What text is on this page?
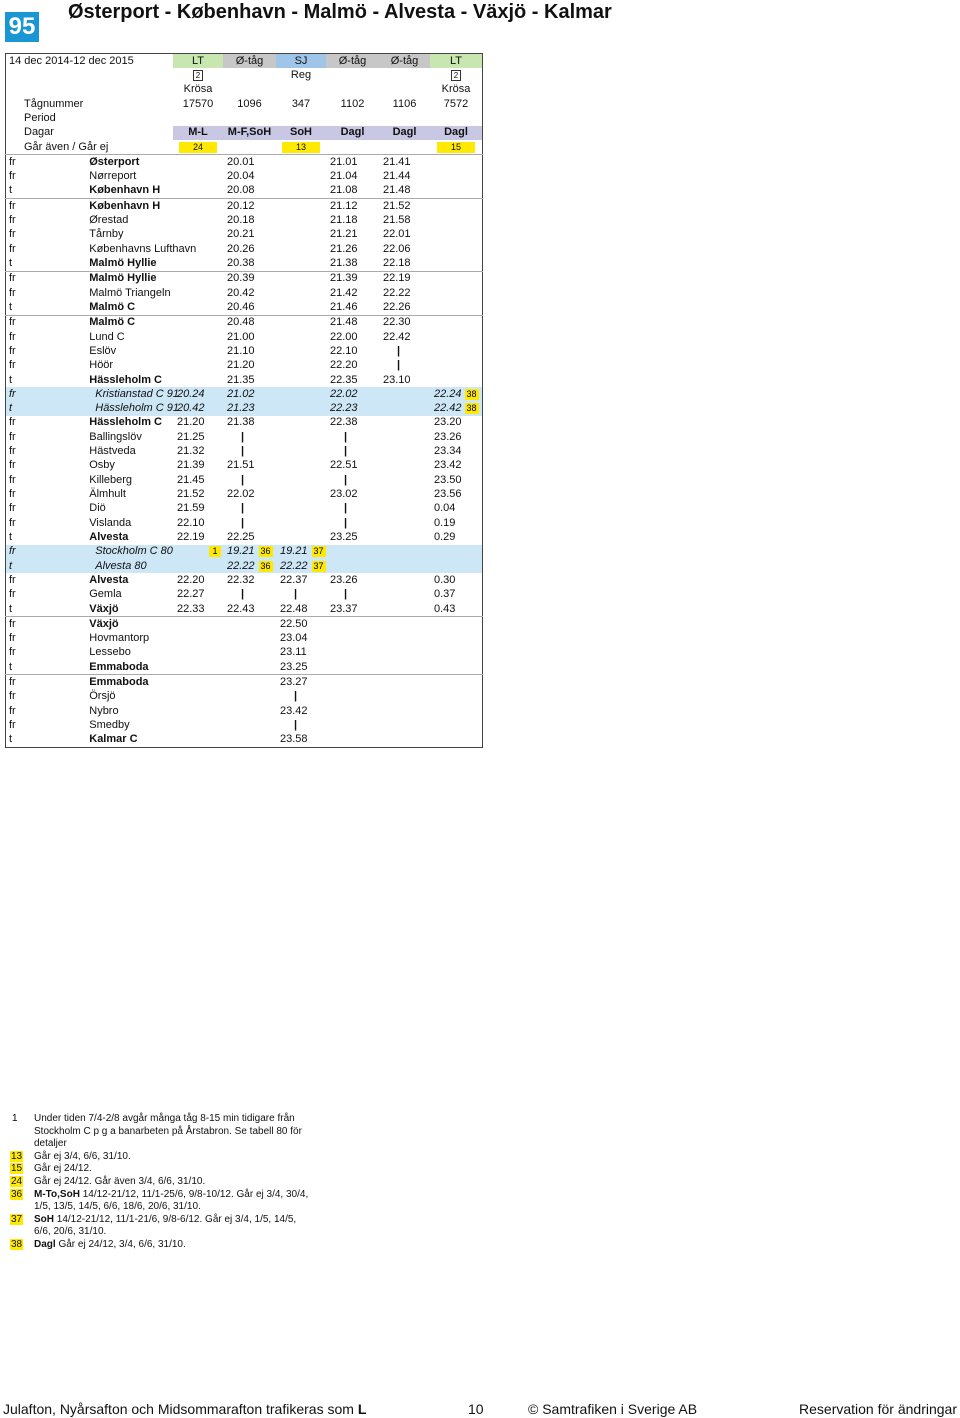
95
Østerport - København - Malmö - Alvesta - Växjö - Kalmar
14 dec 2014-12 dec 2015		LT	Ø-tåg	SJ	Ø-tåg	Ø-tåg	LT
		2		Reg			2
		Krösa					Krösa
Tågnummer		17570	1096	347	1102	1106	7572
Period							
Dagar		M-L	M-F,SoH	SoH	Dagl	Dagl	Dagl
Går även / Går ej		24		13			15
fr	Østerport		20.01		21.01	21.41	
fr	Nørreport		20.04		21.04	21.44	
t	København H		20.08		21.08	21.48	
fr	København H		20.12		21.12	21.52	
fr	Ørestad		20.18		21.18	21.58	
fr	Tårnby		20.21		21.21	22.01	
fr	Københavns Lufthavn		20.26		21.26	22.06	
t	Malmö Hyllie		20.38		21.38	22.18	
fr	Malmö Hyllie		20.39		21.39	22.19	
fr	Malmö Triangeln		20.42		21.42	22.22	
t	Malmö C		20.46		21.46	22.26	
fr	Malmö C		20.48		21.48	22.30	
fr	Lund C		21.00		22.00	22.42	
fr	Eslöv		21.10		22.10	|	
fr	Höör		21.20		22.20	|	
t	Hässleholm C		21.35		22.35	23.10	
fr	Kristianstad C 91	20.24	21.02		22.02		22.24 38
t	Hässleholm C 91	20.42	21.23		22.23		22.42 38
fr	Hässleholm C	21.20	21.38		22.38		23.20
fr	Ballingslöv	21.25	|		|		23.26
fr	Hästveda	21.32	|		|		23.34
fr	Osby	21.39	21.51		22.51		23.42
fr	Killeberg	21.45	|		|		23.50
fr	Älmhult	21.52	22.02		23.02		23.56
fr	Diö	21.59	|		|		0.04
fr	Vislanda	22.10	|		|		0.19
t	Alvesta	22.19	22.25		23.25		0.29
fr	Stockholm C 80	1	19.21 36	19.21 37			
t	Alvesta 80		22.22 36	22.22 37			
fr	Alvesta	22.20	22.32	22.37	23.26		0.30
fr	Gemla	22.27	|	|	|		0.37
t	Växjö	22.33	22.43	22.48	23.37		0.43
fr	Växjö			22.50			
fr	Hovmantorp			23.04			
fr	Lessebo			23.11			
t	Emmaboda			23.25			
fr	Emmaboda			23.27			
fr	Örsjö			|			
fr	Nybro			23.42			
fr	Smedby			|			
t	Kalmar C			23.58			
1	Under tiden 7/4-2/8 avgår många tåg 8-15 min tidigare från Stockholm C p g a banarbeten på Årstabron. Se tabell 80 för detaljer
13	Går ej 3/4, 6/6, 31/10.
15	Går ej 24/12.
24	Går ej 24/12. Går även 3/4, 6/6, 31/10.
36	M-To,SoH 14/12-21/12, 11/1-25/6, 9/8-10/12. Går ej 3/4, 30/4, 1/5, 13/5, 14/5, 6/6, 18/6, 20/6, 31/10.
37	SoH 14/12-21/12, 11/1-21/6, 9/8-6/12. Går ej 3/4, 1/5, 14/5, 6/6, 20/6, 31/10.
38	Dagl Går ej 24/12, 3/4, 6/6, 31/10.
Julafton, Nyårsafton och Midsommarafton trafikeras som L	10	© Samtrafiken i Sverige AB	Reservation för ändringar
